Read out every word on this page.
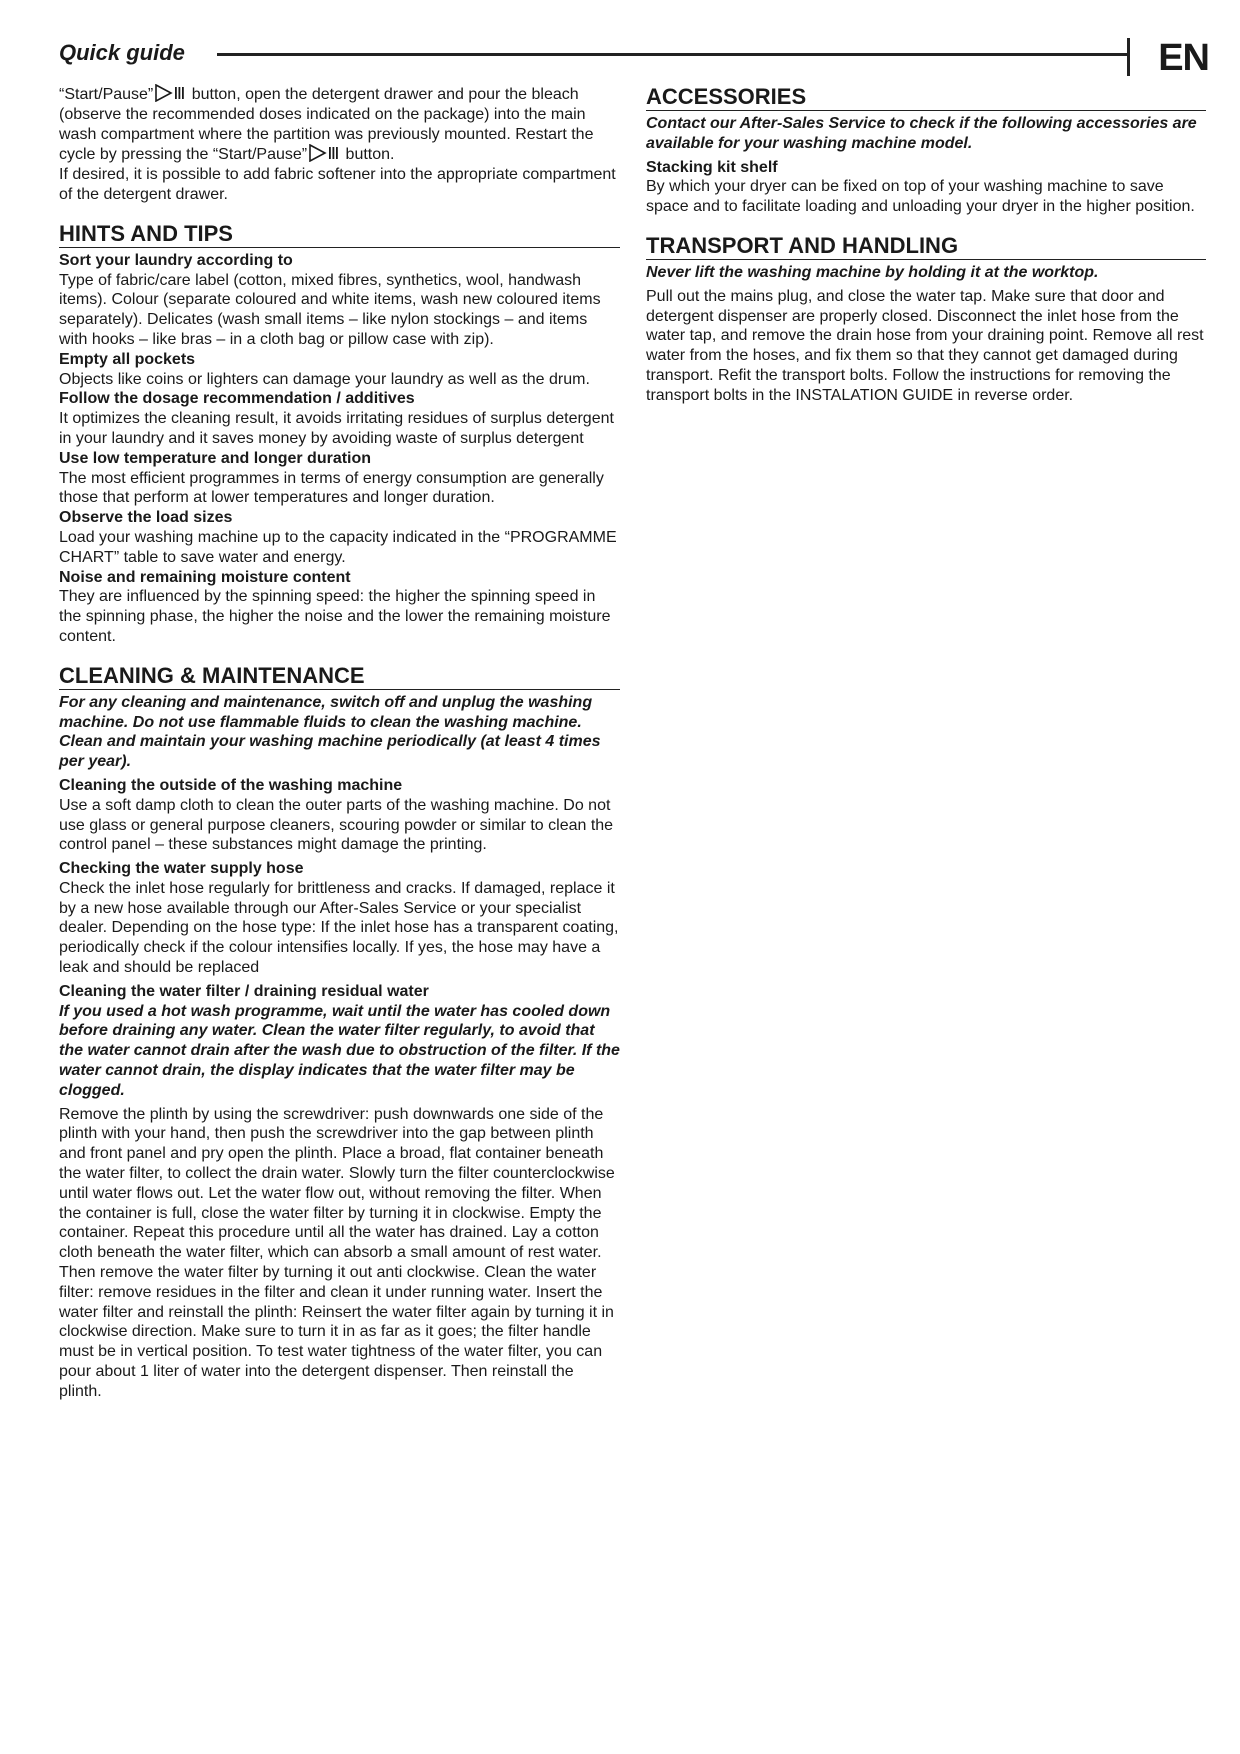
Quick guide	EN

“Start/Pause” button, open the detergent drawer and pour the bleach (observe the recommended doses indicated on the package) into the main wash compartment where the partition was previously mounted. Restart the cycle by pressing the “Start/Pause” button.

If desired, it is possible to add fabric softener into the appropriate compartment of the detergent drawer.

HINTS AND TIPS

Sort your laundry according to

Type of fabric/care label (cotton, mixed fibres, synthetics, wool, handwash items). Colour (separate coloured and white items, wash new coloured items separately). Delicates (wash small items – like nylon stockings – and items with hooks – like bras – in a cloth bag or pillow case with zip).

Empty all pockets

Objects like coins or lighters can damage your laundry as well as the drum.

Follow the dosage recommendation / additives

It optimizes the cleaning result, it avoids irritating residues of surplus detergent in your laundry and it saves money by avoiding waste of surplus detergent

Use low temperature and longer duration

The most efficient programmes in terms of energy consumption are generally those that perform at lower temperatures and longer duration.

Observe the load sizes

Load your washing machine up to the capacity indicated in the “PROGRAMME CHART” table to save water and energy.

Noise and remaining moisture content

They are influenced by the spinning speed: the higher the spinning speed in the spinning phase, the higher the noise and the lower the remaining moisture content.

CLEANING & MAINTENANCE

For any cleaning and maintenance, switch off and unplug the washing machine. Do not use flammable fluids to clean the washing machine. Clean and maintain your washing machine periodically (at least 4 times per year).

Cleaning the outside of the washing machine

Use a soft damp cloth to clean the outer parts of the washing machine. Do not use glass or general purpose cleaners, scouring powder or similar to clean the control panel – these substances might damage the printing.

Checking the water supply hose

Check the inlet hose regularly for brittleness and cracks. If damaged, replace it by a new hose available through our After-Sales Service or your specialist dealer. Depending on the hose type: If the inlet hose has a transparent coating, periodically check if the colour intensifies locally. If yes, the hose may have a leak and should be replaced

Cleaning the water filter / draining residual water

If you used a hot wash programme, wait until the water has cooled down before draining any water. Clean the water filter regularly, to avoid that the water cannot drain after the wash due to obstruction of the filter. If the water cannot drain, the display indicates that the water filter may be clogged.

Remove the plinth by using the screwdriver: push downwards one side of the plinth with your hand, then push the screwdriver into the gap between plinth and front panel and pry open the plinth. Place a broad, flat container beneath the water filter, to collect the drain water. Slowly turn the filter counterclockwise until water flows out. Let the water flow out, without removing the filter. When the container is full, close the water filter by turning it in clockwise. Empty the container. Repeat this procedure until all the water has drained. Lay a cotton cloth beneath the water filter, which can absorb a small amount of rest water. Then remove the water filter by turning it out anti clockwise. Clean the water filter: remove residues in the filter and clean it under running water. Insert the water filter and reinstall the plinth: Reinsert the water filter again by turning it in clockwise direction. Make sure to turn it in as far as it goes; the filter handle must be in vertical position. To test water tightness of the water filter, you can pour about 1 liter of water into the detergent dispenser. Then reinstall the plinth.

ACCESSORIES

Contact our After-Sales Service to check if the following accessories are available for your washing machine model.

Stacking kit shelf

By which your dryer can be fixed on top of your washing machine to save space and to facilitate loading and unloading your dryer in the higher position.

TRANSPORT AND HANDLING

Never lift the washing machine by holding it at the worktop.

Pull out the mains plug, and close the water tap. Make sure that door and detergent dispenser are properly closed. Disconnect the inlet hose from the water tap, and remove the drain hose from your draining point. Remove all rest water from the hoses, and fix them so that they cannot get damaged during transport. Refit the transport bolts. Follow the instructions for removing the transport bolts in the INSTALATION GUIDE in reverse order.
